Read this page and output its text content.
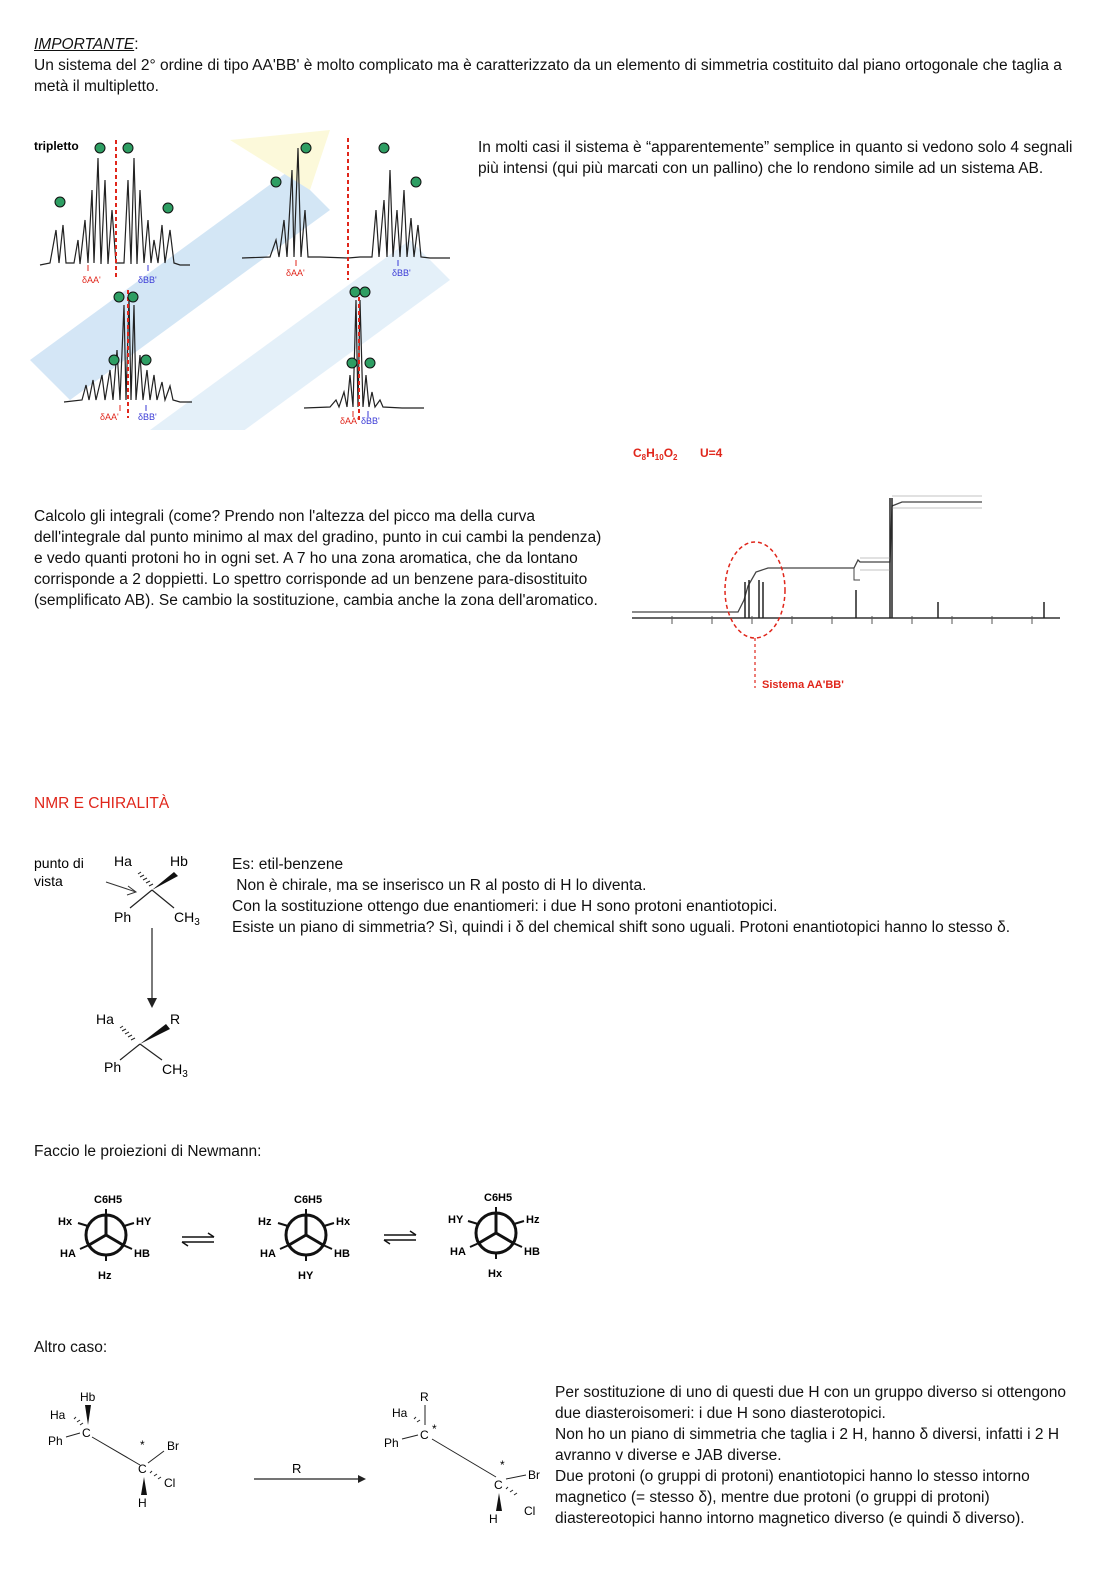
IMPORTANTE:
Un sistema del 2° ordine di tipo AA'BB' è molto complicato ma è caratterizzato da un elemento di simmetria costituito dal piano ortogonale che taglia a metà il multipletto.
tripletto
δAA'	δBB'
δAA'	δBB'
δAA' δBB'	δAA' δBB'
In molti casi il sistema è “apparentemente” semplice in quanto si vedono solo 4 segnali più intensi (qui più marcati con un pallino) che lo rendono simile ad un sistema AB.
$C_8H_{10}O_2$ U=4
Sistema AA'BB'
Calcolo gli integrali (come? Prendo non l'altezza del picco ma della curva dell'integrale dal punto minimo al max del gradino, punto in cui cambi la pendenza) e vedo quanti protoni ho in ogni set. A 7 ho una zona aromatica, che da lontano corrisponde a 2 doppietti. Lo spettro corrisponde ad un benzene para-disostituito (semplificato AB). Se cambio la sostituzione, cambia anche la zona dell'aromatico.
NMR E CHIRALITÀ
punto di
vista
Ha	Hb
Ph	$CH_3$
Ha	R
Ph	$CH_3$
Es: etil-benzene
Non è chirale, ma se inserisco un R al posto di H lo diventa.
Con la sostituzione ottengo due enantiomeri: i due H sono protoni enantiotopici.
Esiste un piano di simmetria? Sì, quindi i δ del chemical shift sono uguali. Protoni enantiotopici hanno lo stesso δ.
Faccio le proiezioni di Newmann:
C6H5
Hx	HY
HA	HB
Hz
C6H5
Hz	Hx
HA	HB
HY
C6H5
HY	Hz
HA	HB
Hx
Altro caso:
Hb
Ha
C
Ph	*
C
Br
Cl
H
R
R
Ha
C *
Ph
*
C
Br
Cl
H
Per sostituzione di uno di questi due H con un gruppo diverso si ottengono due diasteroisomeri: i due H sono diasterotopici.
Non ho un piano di simmetria che taglia i 2 H, hanno δ diversi, infatti i 2 H avranno v diverse e JAB diverse.
Due protoni (o gruppi di protoni) enantiotopici hanno lo stesso intorno magnetico (= stesso δ), mentre due protoni (o gruppi di protoni) diastereotopici hanno intorno magnetico diverso (e quindi δ diverso).
